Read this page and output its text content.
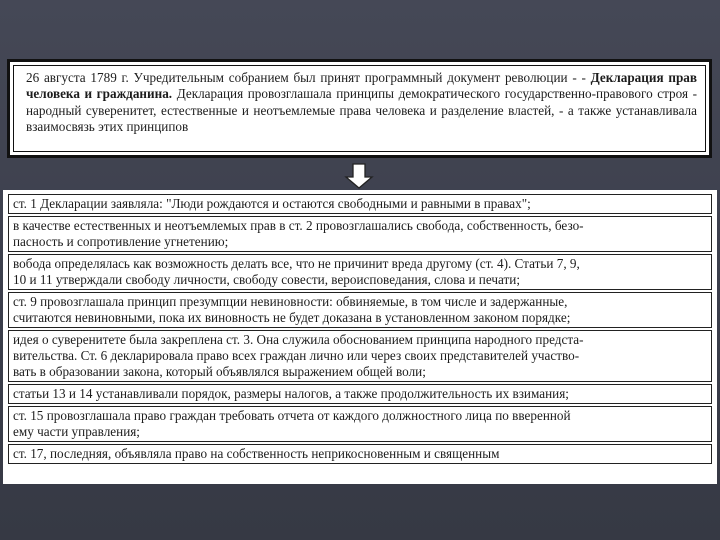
26 августа 1789 г. Учредительным собранием был принят программный документ революции - - Декларация прав человека и гражданина. Декларация провозглашала принципы демократического государственно-правового строя - народный суверенитет, естественные и неотъемлемые права человека и разделение властей, - а также устанавливала взаимосвязь этих принципов

ст. 1 Декларации заявляла: "Люди рождаются и остаются свободными и равными в правах";
в качестве естественных и неотъемлемых прав в ст. 2 провозглашались свобода, собственность, безо-
пасность и сопротивление угнетению;
вобода определялась как возможность делать все, что не причинит вреда другому (ст. 4). Статьи 7, 9,
10 и 11 утверждали свободу личности, свободу совести, вероисповедания, слова и печати;
ст. 9 провозглашала принцип презумпции невиновности: обвиняемые, в том числе и задержанные,
считаются невиновными, пока их виновность не будет доказана в установленном законом порядке;
идея о суверенитете была закреплена ст. 3. Она служила обоснованием принципа народного предста-
вительства. Ст. 6 декларировала право всех граждан лично или через своих представителей участво-
вать в образовании закона, который объявлялся выражением общей воли;
статьи 13 и 14 устанавливали порядок, размеры налогов, а также продолжительность их взимания;
ст. 15 провозглашала право граждан требовать отчета от каждого должностного лица по вверенной
ему части управления;
ст. 17, последняя, объявляла право на собственность неприкосновенным и священным
